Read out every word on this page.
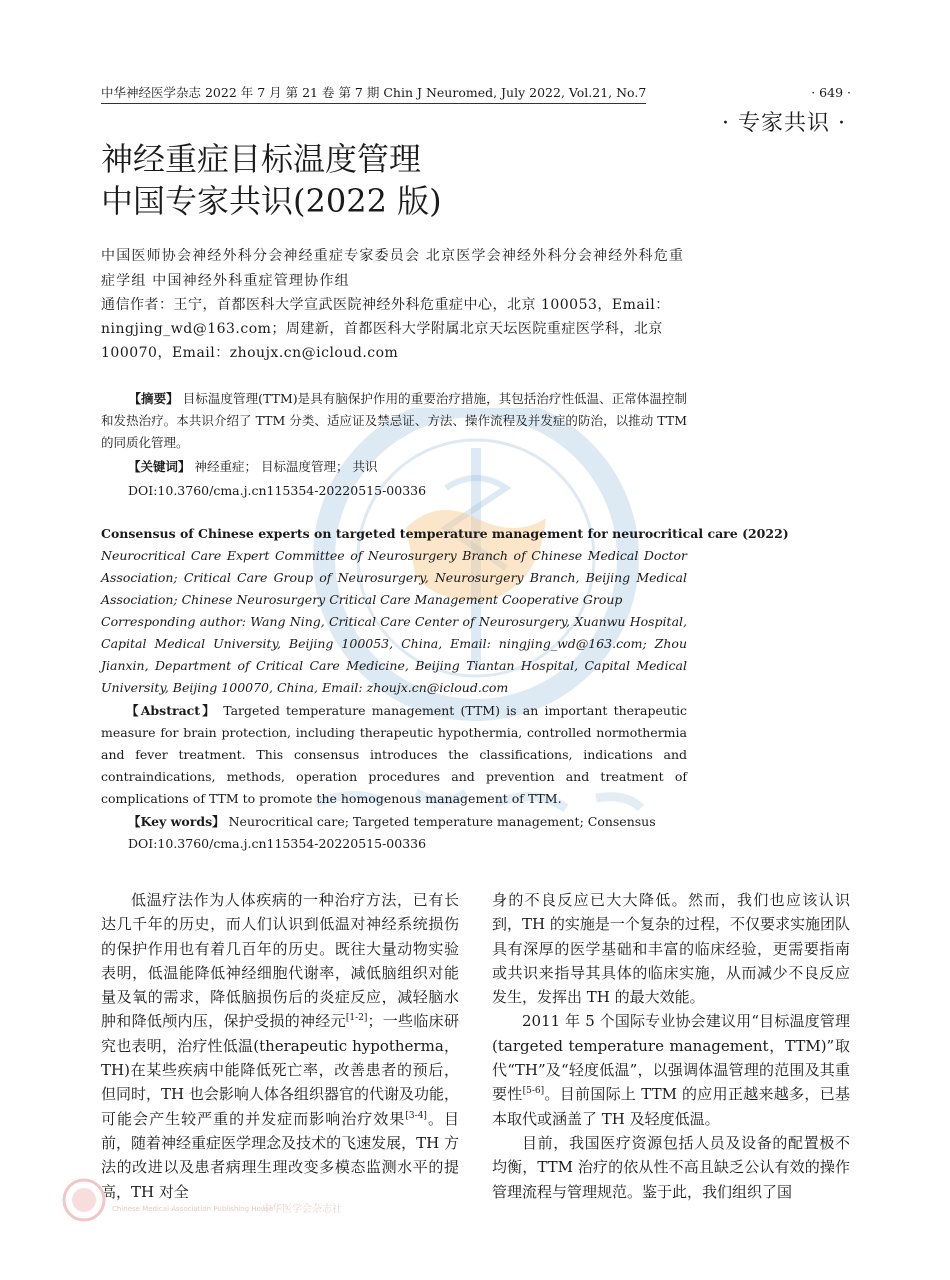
中华神经医学杂志 2022 年 7 月 第 21 卷 第 7 期 Chin J Neuromed, July 2022, Vol.21, No.7	· 649 ·
· 专家共识 ·
神经重症目标温度管理
中国专家共识(2022 版)
中国医师协会神经外科分会神经重症专家委员会 北京医学会神经外科分会神经外科危重症学组 中国神经外科重症管理协作组
通信作者：王宁，首都医科大学宣武医院神经外科危重症中心，北京 100053，Email：ningjing_wd@163.com；周建新，首都医科大学附属北京天坛医院重症医学科，北京 100070，Email：zhoujx.cn@icloud.com

【摘要】 目标温度管理(TTM)是具有脑保护作用的重要治疗措施，其包括治疗性低温、正常体温控制和发热治疗。本共识介绍了 TTM 分类、适应证及禁忌证、方法、操作流程及并发症的防治，以推动 TTM 的同质化管理。

【关键词】 神经重症； 目标温度管理； 共识
DOI:10.3760/cma.j.cn115354-20220515-00336
Consensus of Chinese experts on targeted temperature management for neurocritical care (2022)

Neurocritical Care Expert Committee of Neurosurgery Branch of Chinese Medical Doctor Association; Critical Care Group of Neurosurgery, Neurosurgery Branch, Beijing Medical Association; Chinese Neurosurgery Critical Care Management Cooperative Group

Corresponding author: Wang Ning, Critical Care Center of Neurosurgery, Xuanwu Hospital, Capital Medical University, Beijing 100053, China, Email: ningjing_wd@163.com; Zhou Jianxin, Department of Critical Care Medicine, Beijing Tiantan Hospital, Capital Medical University, Beijing 100070, China, Email: zhoujx.cn@icloud.com

【Abstract】 Targeted temperature management (TTM) is an important therapeutic measure for brain protection, including therapeutic hypothermia, controlled normothermia and fever treatment. This consensus introduces the classifications, indications and contraindications, methods, operation procedures and prevention and treatment of complications of TTM to promote the homogenous management of TTM.

【Key words】 Neurocritical care; Targeted temperature management; Consensus
DOI:10.3760/cma.j.cn115354-20220515-00336

低温疗法作为人体疾病的一种治疗方法，已有长达几千年的历史，而人们认识到低温对神经系统损伤的保护作用也有着几百年的历史。既往大量动物实验表明，低温能降低神经细胞代谢率，减低脑组织对能量及氧的需求，降低脑损伤后的炎症反应，减轻脑水肿和降低颅内压，保护受损的神经元[1-2]；一些临床研究也表明，治疗性低温(therapeutic hypotherma，TH)在某些疾病中能降低死亡率，改善患者的预后，但同时，TH 也会影响人体各组织器官的代谢及功能，可能会产生较严重的并发症而影响治疗效果[3-4]。目前，随着神经重症医学理念及技术的飞速发展，TH 方法的改进以及患者病理生理改变多模态监测水平的提高，TH 对全

身的不良反应已大大降低。然而，我们也应该认识到，TH 的实施是一个复杂的过程，不仅要求实施团队具有深厚的医学基础和丰富的临床经验，更需要指南或共识来指导其具体的临床实施，从而减少不良反应发生，发挥出 TH 的最大效能。

2011 年 5 个国际专业协会建议用“目标温度管理 (targeted temperature management，TTM)”取代“TH”及“轻度低温”，以强调体温管理的范围及其重要性[5-6]。目前国际上 TTM 的应用正越来越多，已基本取代或涵盖了 TH 及轻度低温。

目前，我国医疗资源包括人员及设备的配置极不均衡，TTM 治疗的依从性不高且缺乏公认有效的操作管理流程与管理规范。鉴于此，我们组织了国

Chinese Medical Association Publishing House
中华医学会杂志社
